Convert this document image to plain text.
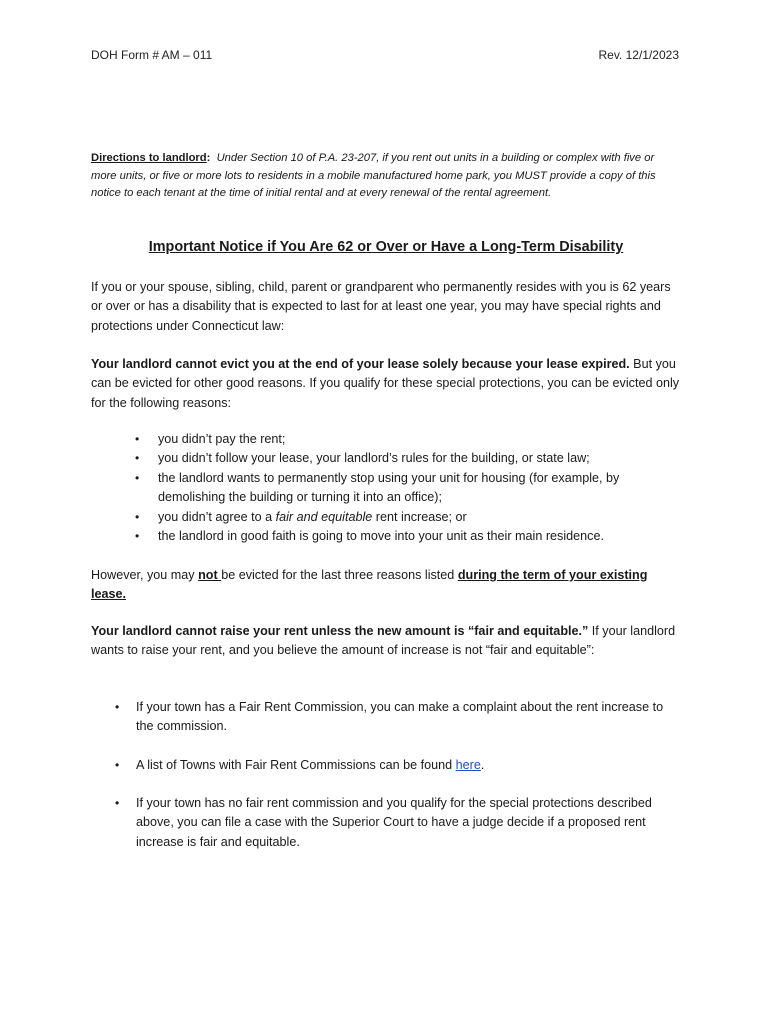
DOH Form # AM – 011	Rev. 12/1/2023
Directions to landlord: Under Section 10 of P.A. 23-207, if you rent out units in a building or complex with five or more units, or five or more lots to residents in a mobile manufactured home park, you MUST provide a copy of this notice to each tenant at the time of initial rental and at every renewal of the rental agreement.
Important Notice if You Are 62 or Over or Have a Long-Term Disability
If you or your spouse, sibling, child, parent or grandparent who permanently resides with you is 62 years or over or has a disability that is expected to last for at least one year, you may have special rights and protections under Connecticut law:
Your landlord cannot evict you at the end of your lease solely because your lease expired. But you can be evicted for other good reasons. If you qualify for these special protections, you can be evicted only for the following reasons:
• you didn’t pay the rent;
• you didn’t follow your lease, your landlord’s rules for the building, or state law;
• the landlord wants to permanently stop using your unit for housing (for example, by demolishing the building or turning it into an office);
• you didn’t agree to a fair and equitable rent increase; or
• the landlord in good faith is going to move into your unit as their main residence.
However, you may not be evicted for the last three reasons listed during the term of your existing lease.
Your landlord cannot raise your rent unless the new amount is “fair and equitable.” If your landlord wants to raise your rent, and you believe the amount of increase is not “fair and equitable”:
• If your town has a Fair Rent Commission, you can make a complaint about the rent increase to the commission.
• A list of Towns with Fair Rent Commissions can be found here.
• If your town has no fair rent commission and you qualify for the special protections described above, you can file a case with the Superior Court to have a judge decide if a proposed rent increase is fair and equitable.
